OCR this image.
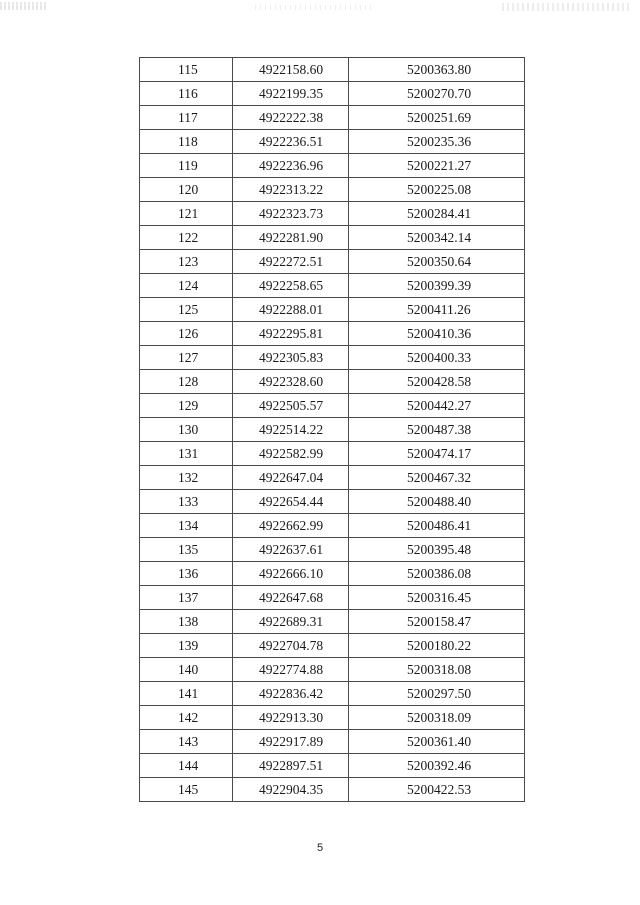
115	4922158.60	5200363.80
116	4922199.35	5200270.70
117	4922222.38	5200251.69
118	4922236.51	5200235.36
119	4922236.96	5200221.27
120	4922313.22	5200225.08
121	4922323.73	5200284.41
122	4922281.90	5200342.14
123	4922272.51	5200350.64
124	4922258.65	5200399.39
125	4922288.01	5200411.26
126	4922295.81	5200410.36
127	4922305.83	5200400.33
128	4922328.60	5200428.58
129	4922505.57	5200442.27
130	4922514.22	5200487.38
131	4922582.99	5200474.17
132	4922647.04	5200467.32
133	4922654.44	5200488.40
134	4922662.99	5200486.41
135	4922637.61	5200395.48
136	4922666.10	5200386.08
137	4922647.68	5200316.45
138	4922689.31	5200158.47
139	4922704.78	5200180.22
140	4922774.88	5200318.08
141	4922836.42	5200297.50
142	4922913.30	5200318.09
143	4922917.89	5200361.40
144	4922897.51	5200392.46
145	4922904.35	5200422.53
5
